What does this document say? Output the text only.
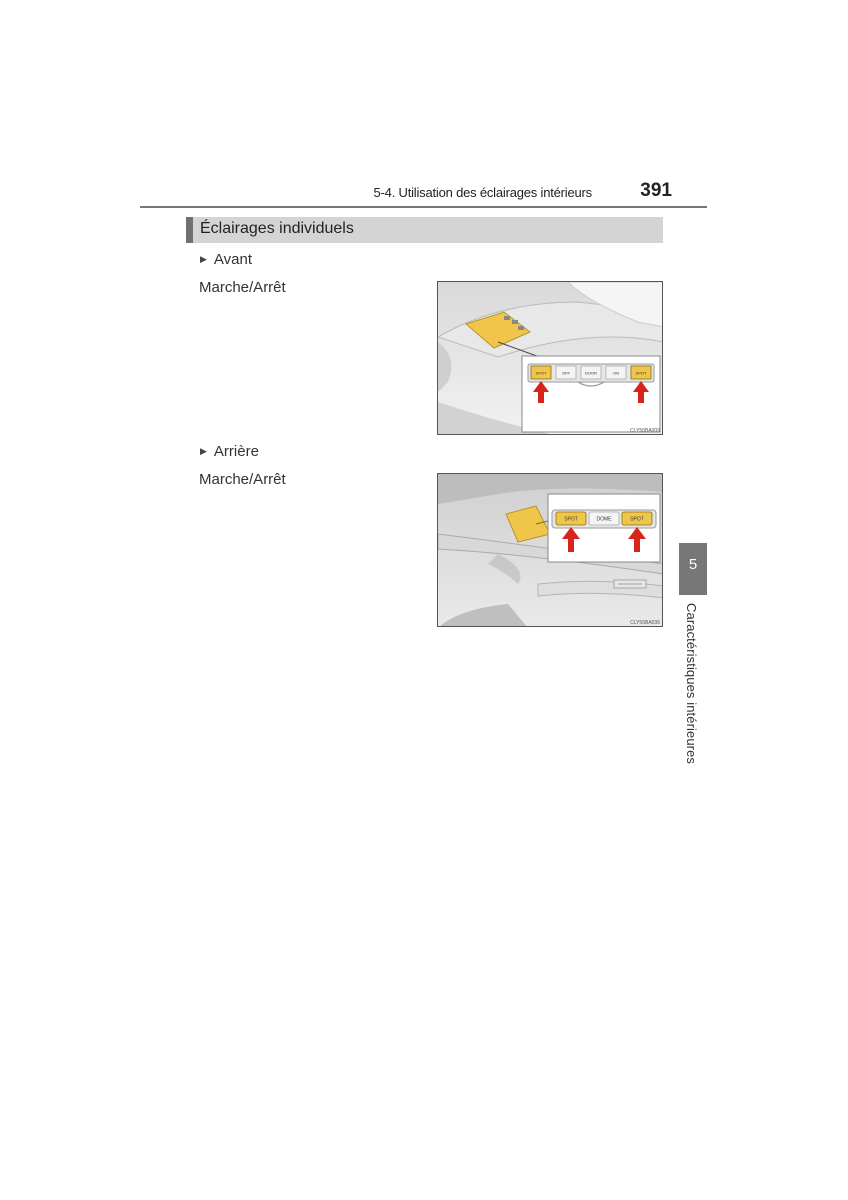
5-4. Utilisation des éclairages intérieurs	391
Éclairages individuels
▶ Avant
Marche/Arrêt
SPOT	OFF	DOOR	ON	SPOT
CLY56BA009
▶ Arrière
Marche/Arrêt
SPOT	DOME	SPOT
CLY56BA036
5
Caractéristiques intérieures
